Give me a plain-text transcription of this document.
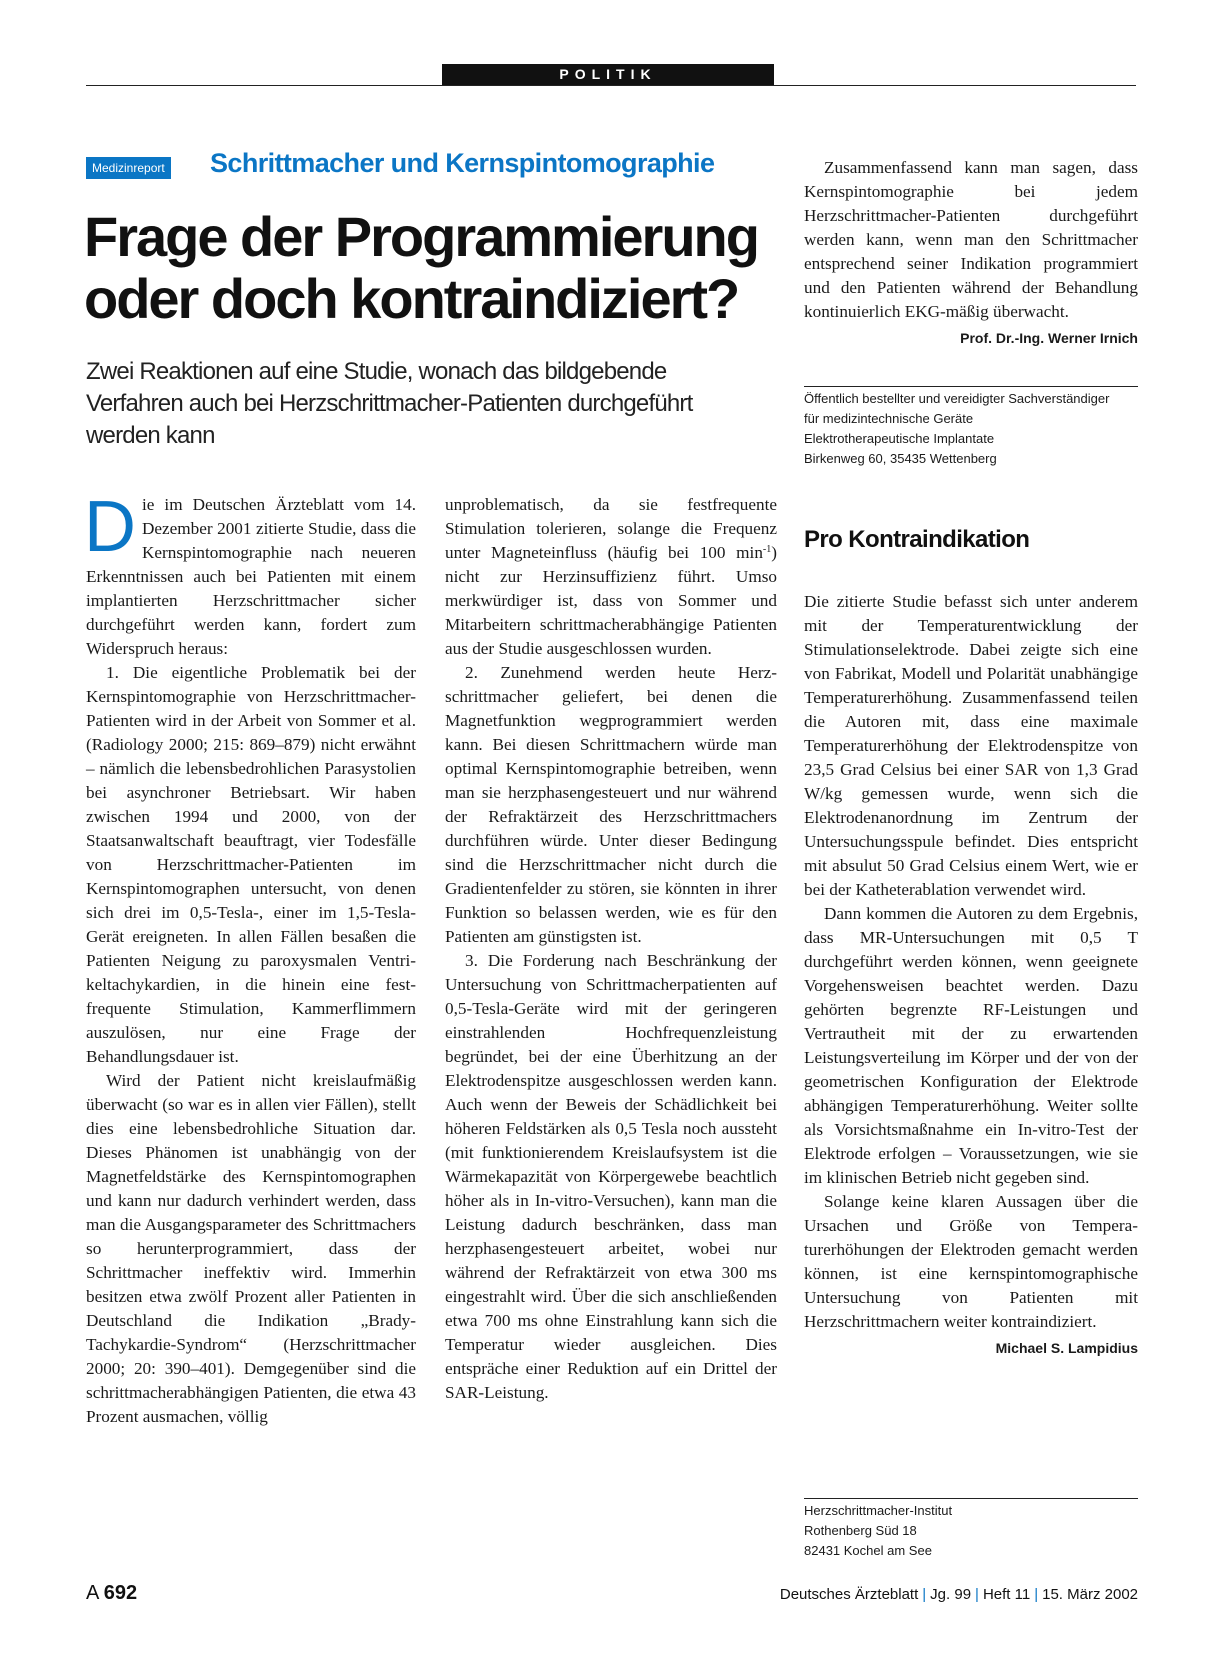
POLITIK
Medizinreport Schrittmacher und Kernspintomographie
Frage der Programmierung
oder doch kontraindiziert?

Zwei Reaktionen auf eine Studie, wonach das bildgebende
Verfahren auch bei Herzschrittmacher-Patienten durchgeführt
werden kann

Die im Deutschen Ärzteblatt vom 14. Dezember 2001 zitierte Studie, dass die Kernspintomographie nach neueren Erkenntnissen auch bei Patienten mit einem implantierten Herzschrittmacher sicher durchgeführt werden kann, fordert zum Widerspruch heraus:

1. Die eigentliche Problematik bei der Kernspintomographie von Herzschrittmacher-Patienten wird in der Arbeit von Sommer et al. (Radiology 2000; 215: 869–879) nicht erwähnt – nämlich die lebensbedrohlichen Parasystolien bei asynchroner Betriebsart. Wir haben zwischen 1994 und 2000, von der Staatsanwaltschaft beauftragt, vier Todesfälle von Herzschrittmacher-Patienten im Kernspintomographen untersucht, von denen sich drei im 0,5-Tesla-, einer im 1,5-Tesla-Gerät ereigneten. In allen Fällen besaßen die Patienten Neigung zu paroxysmalen Ventrikeltachykardien, in die hinein eine festfrequente Stimulation, Kammerflimmern auszulösen, nur eine Frage der Behandlungsdauer ist.

Wird der Patient nicht kreislaufmäßig überwacht (so war es in allen vier Fällen), stellt dies eine lebensbedrohliche Situation dar. Dieses Phänomen ist unabhängig von der Magnetfeldstärke des Kernspintomographen und kann nur dadurch verhindert werden, dass man die Ausgangsparameter des Schrittmachers so herunterprogrammiert, dass der Schrittmacher ineffektiv wird. Immerhin besitzen etwa zwölf Prozent aller Patienten in Deutschland die Indikation „Brady-Tachykardie-Syndrom“ (Herzschrittmacher 2000; 20: 390–401). Demgegenüber sind die schrittmacherabhängigen Patienten, die etwa 43 Prozent ausmachen, völlig

unproblematisch, da sie festfrequente Stimulation tolerieren, solange die Frequenz unter Magneteinfluss (häufig bei 100 $\min^{-1}$) nicht zur Herzinsuffizienz führt. Umso merkwürdiger ist, dass von Sommer und Mitarbeitern schrittmacherabhängige Patienten aus der Studie ausgeschlossen wurden.

2. Zunehmend werden heute Herzschrittmacher geliefert, bei denen die Magnetfunktion wegprogrammiert werden kann. Bei diesen Schrittmachern würde man optimal Kernspintomographie betreiben, wenn man sie herzphasengesteuert und nur während der Refraktärzeit des Herzschrittmachers durchführen würde. Unter dieser Bedingung sind die Herzschrittmacher nicht durch die Gradientenfelder zu stören, sie könnten in ihrer Funktion so belassen werden, wie es für den Patienten am günstigsten ist.

3. Die Forderung nach Beschränkung der Untersuchung von Schrittmacherpatienten auf 0,5-Tesla-Geräte wird mit der geringeren einstrahlenden Hochfrequenzleistung begründet, bei der eine Überhitzung an der Elektrodenspitze ausgeschlossen werden kann. Auch wenn der Beweis der Schädlichkeit bei höheren Feldstärken als 0,5 Tesla noch aussteht (mit funktionierendem Kreislaufsystem ist die Wärmekapazität von Körpergewebe beachtlich höher als in In-vitro-Versuchen), kann man die Leistung dadurch beschränken, dass man herzphasengesteuert arbeitet, wobei nur während der Refraktärzeit von etwa 300 ms eingestrahlt wird. Über die sich anschließenden etwa 700 ms ohne Einstrahlung kann sich die Temperatur wieder ausgleichen. Dies entspräche einer Reduktion auf ein Drittel der SAR-Leistung.

Zusammenfassend kann man sagen, dass Kernspintomographie bei jedem Herzschrittmacher-Patienten durchgeführt werden kann, wenn man den Schrittmacher entsprechend seiner Indikation programmiert und den Patienten während der Behandlung kontinuierlich EKG-mäßig überwacht.
Prof. Dr.-Ing. Werner Irnich

Öffentlich bestellter und vereidigter Sachverständiger
für medizintechnische Geräte
Elektrotherapeutische Implantate
Birkenweg 60, 35435 Wettenberg

Pro Kontraindikation

Die zitierte Studie befasst sich unter anderem mit der Temperaturentwicklung der Stimulationselektrode. Dabei zeigte sich eine von Fabrikat, Modell und Polarität unabhängige Temperaturerhöhung. Zusammenfassend teilen die Autoren mit, dass eine maximale Temperaturerhöhung der Elektrodenspitze von 23,5 Grad Celsius bei einer SAR von 1,3 Grad W/kg gemessen wurde, wenn sich die Elektrodenanordnung im Zentrum der Untersuchungsspule befindet. Dies entspricht mit absulut 50 Grad Celsius einem Wert, wie er bei der Katheterablation verwendet wird.

Dann kommen die Autoren zu dem Ergebnis, dass MR-Untersuchungen mit 0,5 T durchgeführt werden können, wenn geeignete Vorgehensweisen beachtet werden. Dazu gehörten begrenzte RF-Leistungen und Vertrautheit mit der zu erwartenden Leistungsverteilung im Körper und der von der geometrischen Konfiguration der Elektrode abhängigen Temperaturerhöhung. Weiter sollte als Vorsichtsmaßnahme ein In-vitro-Test der Elektrode erfolgen – Voraussetzungen, wie sie im klinischen Betrieb nicht gegeben sind.

Solange keine klaren Aussagen über die Ursachen und Größe von Temperaturerhöhungen der Elektroden gemacht werden können, ist eine kernspintomographische Untersuchung von Patienten mit Herzschrittmachern weiter kontraindiziert.
Michael S. Lampidius

Herzschrittmacher-Institut
Rothenberg Süd 18
82431 Kochel am See

A 692	Deutsches Ärzteblatt | Jg. 99 | Heft 11 | 15. März 2002
